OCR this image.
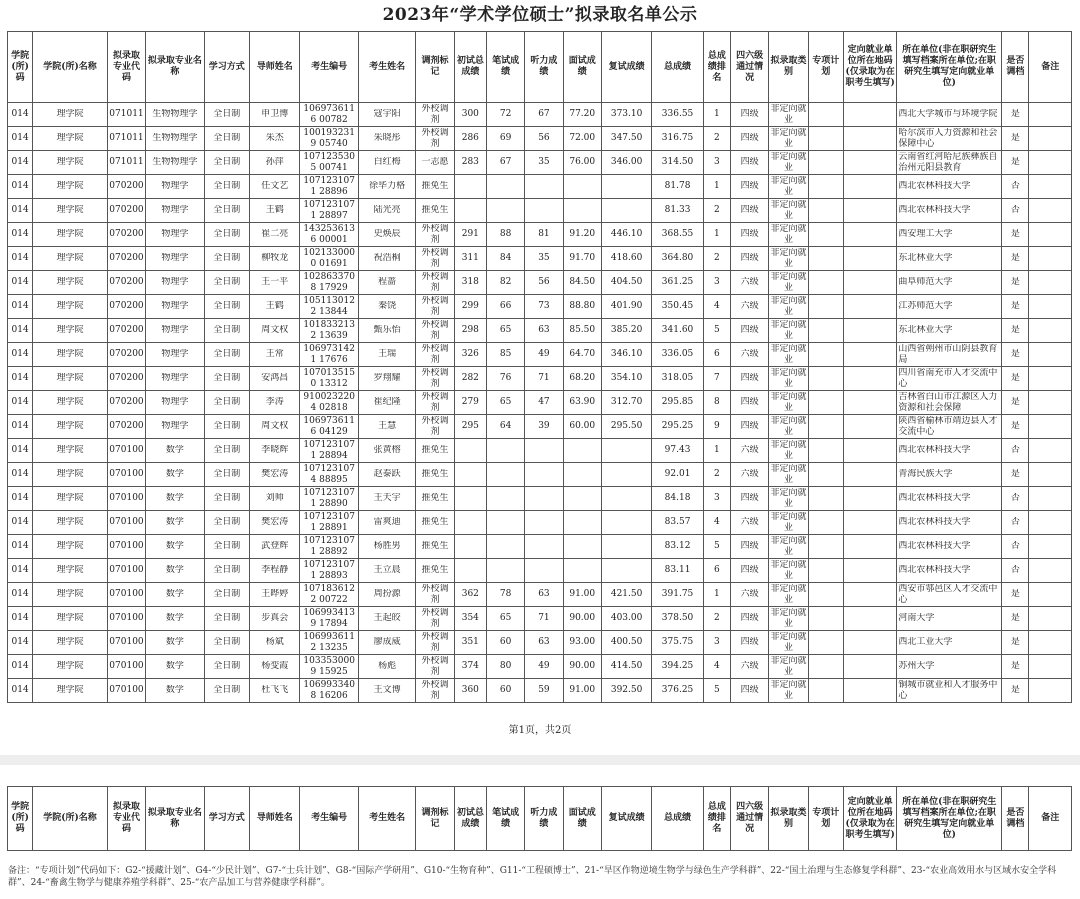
2023年“学术学位硕士”拟录取名单公示
学院(所)码	学院(所)名称	拟录取专业代码	拟录取专业名称	学习方式	导师姓名	考生编号	考生姓名	调剂标记	初试总成绩	笔试成绩	听力成绩	面试成绩	复试成绩	总成绩	总成绩排名	四六级通过情况	拟录取类别	专项计划	定向就业单位所在地码(仅录取为在职考生填写)	所在单位(非在职研究生填写档案所在单位;在职研究生填写定向就业单位)	是否调档	备注

014	理学院	071011	生物物理学	全日制	申卫博	1069736116 00782	寇宇阳	外校调剂	300	72	67	77.20	373.10	336.55	1	四级	非定向就业			西北大学城市与环境学院	是	

014	理学院	071011	生物物理学	全日制	朱杰	1001932319 05740	朱晓彤	外校调剂	286	69	56	72.00	347.50	316.75	2	四级	非定向就业			哈尔滨市人力资源和社会保障中心	是	

014	理学院	071011	生物物理学	全日制	孙萍	1071235305 00741	白红梅	一志愿	283	67	35	76.00	346.00	314.50	3	四级	非定向就业			云南省红河哈尼族彝族自治州元阳县教育	是	

014	理学院	070200	物理学	全日制	任文艺	1071231071 28896	徐毕力格	推免生						81.78	1	四级	非定向就业			西北农林科技大学	否	

014	理学院	070200	物理学	全日制	王鹤	1071231071 28897	陆光亮	推免生						81.33	2	四级	非定向就业			西北农林科技大学	否	

014	理学院	070200	物理学	全日制	崔二亮	1432536136 00001	史焕辰	外校调剂	291	88	81	91.20	446.10	368.55	1	四级	非定向就业			西安理工大学	是	

014	理学院	070200	物理学	全日制	柳牧龙	1021330000 01691	祝浩桐	外校调剂	311	84	35	91.70	418.60	364.80	2	四级	非定向就业			东北林业大学	是	

014	理学院	070200	物理学	全日制	王一平	1028633708 17929	程蔷	外校调剂	318	82	56	84.50	404.50	361.25	3	六级	非定向就业			曲阜师范大学	是	

014	理学院	070200	物理学	全日制	王鹤	1051130122 13844	秦饶	外校调剂	299	66	73	88.80	401.90	350.45	4	六级	非定向就业			江苏师范大学	是	

014	理学院	070200	物理学	全日制	周文权	1018332132 13639	甄乐怡	外校调剂	298	65	63	85.50	385.20	341.60	5	四级	非定向就业			东北林业大学	是	

014	理学院	070200	物理学	全日制	王常	1069731421 17676	王瑞	外校调剂	326	85	49	64.70	346.10	336.05	6	六级	非定向就业			山西省朔州市山阴县教育局	是	

014	理学院	070200	物理学	全日制	安鸿昌	1070135150 13312	罗翔耀	外校调剂	282	76	71	68.20	354.10	318.05	7	四级	非定向就业			四川省南充市人才交流中心	是	

014	理学院	070200	物理学	全日制	李涛	9100232204 02818	崔纪隆	外校调剂	279	65	47	63.90	312.70	295.85	8	四级	非定向就业			吉林省白山市江源区人力资源和社会保障	是	

014	理学院	070200	物理学	全日制	周文权	1069736116 04129	王慧	外校调剂	295	64	39	60.00	295.50	295.25	9	四级	非定向就业			陕西省榆林市靖边县人才交流中心	是	

014	理学院	070100	数学	全日制	李晓辉	1071231071 28894	张黄榕	推免生						97.43	1	六级	非定向就业			西北农林科技大学	否	

014	理学院	070100	数学	全日制	樊宏涛	1071231074 88895	赵泰跃	推免生						92.01	2	六级	非定向就业			青海民族大学	是	

014	理学院	070100	数学	全日制	刘帅	1071231071 28890	王天宇	推免生						84.18	3	四级	非定向就业			西北农林科技大学	否	

014	理学院	070100	数学	全日制	樊宏涛	1071231071 28891	雷爽迪	推免生						83.57	4	六级	非定向就业			西北农林科技大学	否	

014	理学院	070100	数学	全日制	武登辉	1071231071 28892	杨胜男	推免生						83.12	5	四级	非定向就业			西北农林科技大学	否	

014	理学院	070100	数学	全日制	李程静	1071231071 28893	王立晨	推免生						83.11	6	四级	非定向就业			西北农林科技大学	否	

014	理学院	070100	数学	全日制	王晔婷	1071836122 00722	周扮源	外校调剂	362	78	63	91.00	421.50	391.75	1	六级	非定向就业			西安市鄠邑区人才交流中心	是	

014	理学院	070100	数学	全日制	步真会	1069934139 17894	王起皎	外校调剂	354	65	71	90.00	403.00	378.50	2	四级	非定向就业			河南大学	是	

014	理学院	070100	数学	全日制	杨斌	1069936112 13235	廖成威	外校调剂	351	60	63	93.00	400.50	375.75	3	四级	非定向就业			西北工业大学	是	

014	理学院	070100	数学	全日制	杨变霞	1033530009 15925	杨彪	外校调剂	374	80	49	90.00	414.50	394.25	4	六级	非定向就业			苏州大学	是	

014	理学院	070100	数学	全日制	杜飞飞	1069933408 16206	王文博	外校调剂	360	60	59	91.00	392.50	376.25	5	四级	非定向就业			铜城市就业和人才服务中心	是	

第1页，共2页
学院(所)码	学院(所)名称	拟录取专业代码	拟录取专业名称	学习方式	导师姓名	考生编号	考生姓名	调剂标记	初试总成绩	笔试成绩	听力成绩	面试成绩	复试成绩	总成绩	总成绩排名	四六级通过情况	拟录取类别	专项计划	定向就业单位所在地码(仅录取为在职考生填写)	所在单位(非在职研究生填写档案所在单位;在职研究生填写定向就业单位)	是否调档	备注
备注：“专项计划”代码如下：G2-“援藏计划”、G4-“少民计划”、G7-“士兵计划”、G8-“国际产学研用”、G10-“生物育种”、G11-“工程硕博士”、21-“旱区作物逆境生物学与绿色生产学科群”、22-“国土治理与生态修复学科群”、23-“农业高效用水与区域水安全学科群”、24-“畜禽生物学与健康养殖学科群”、25-“农产品加工与营养健康学科群”。
